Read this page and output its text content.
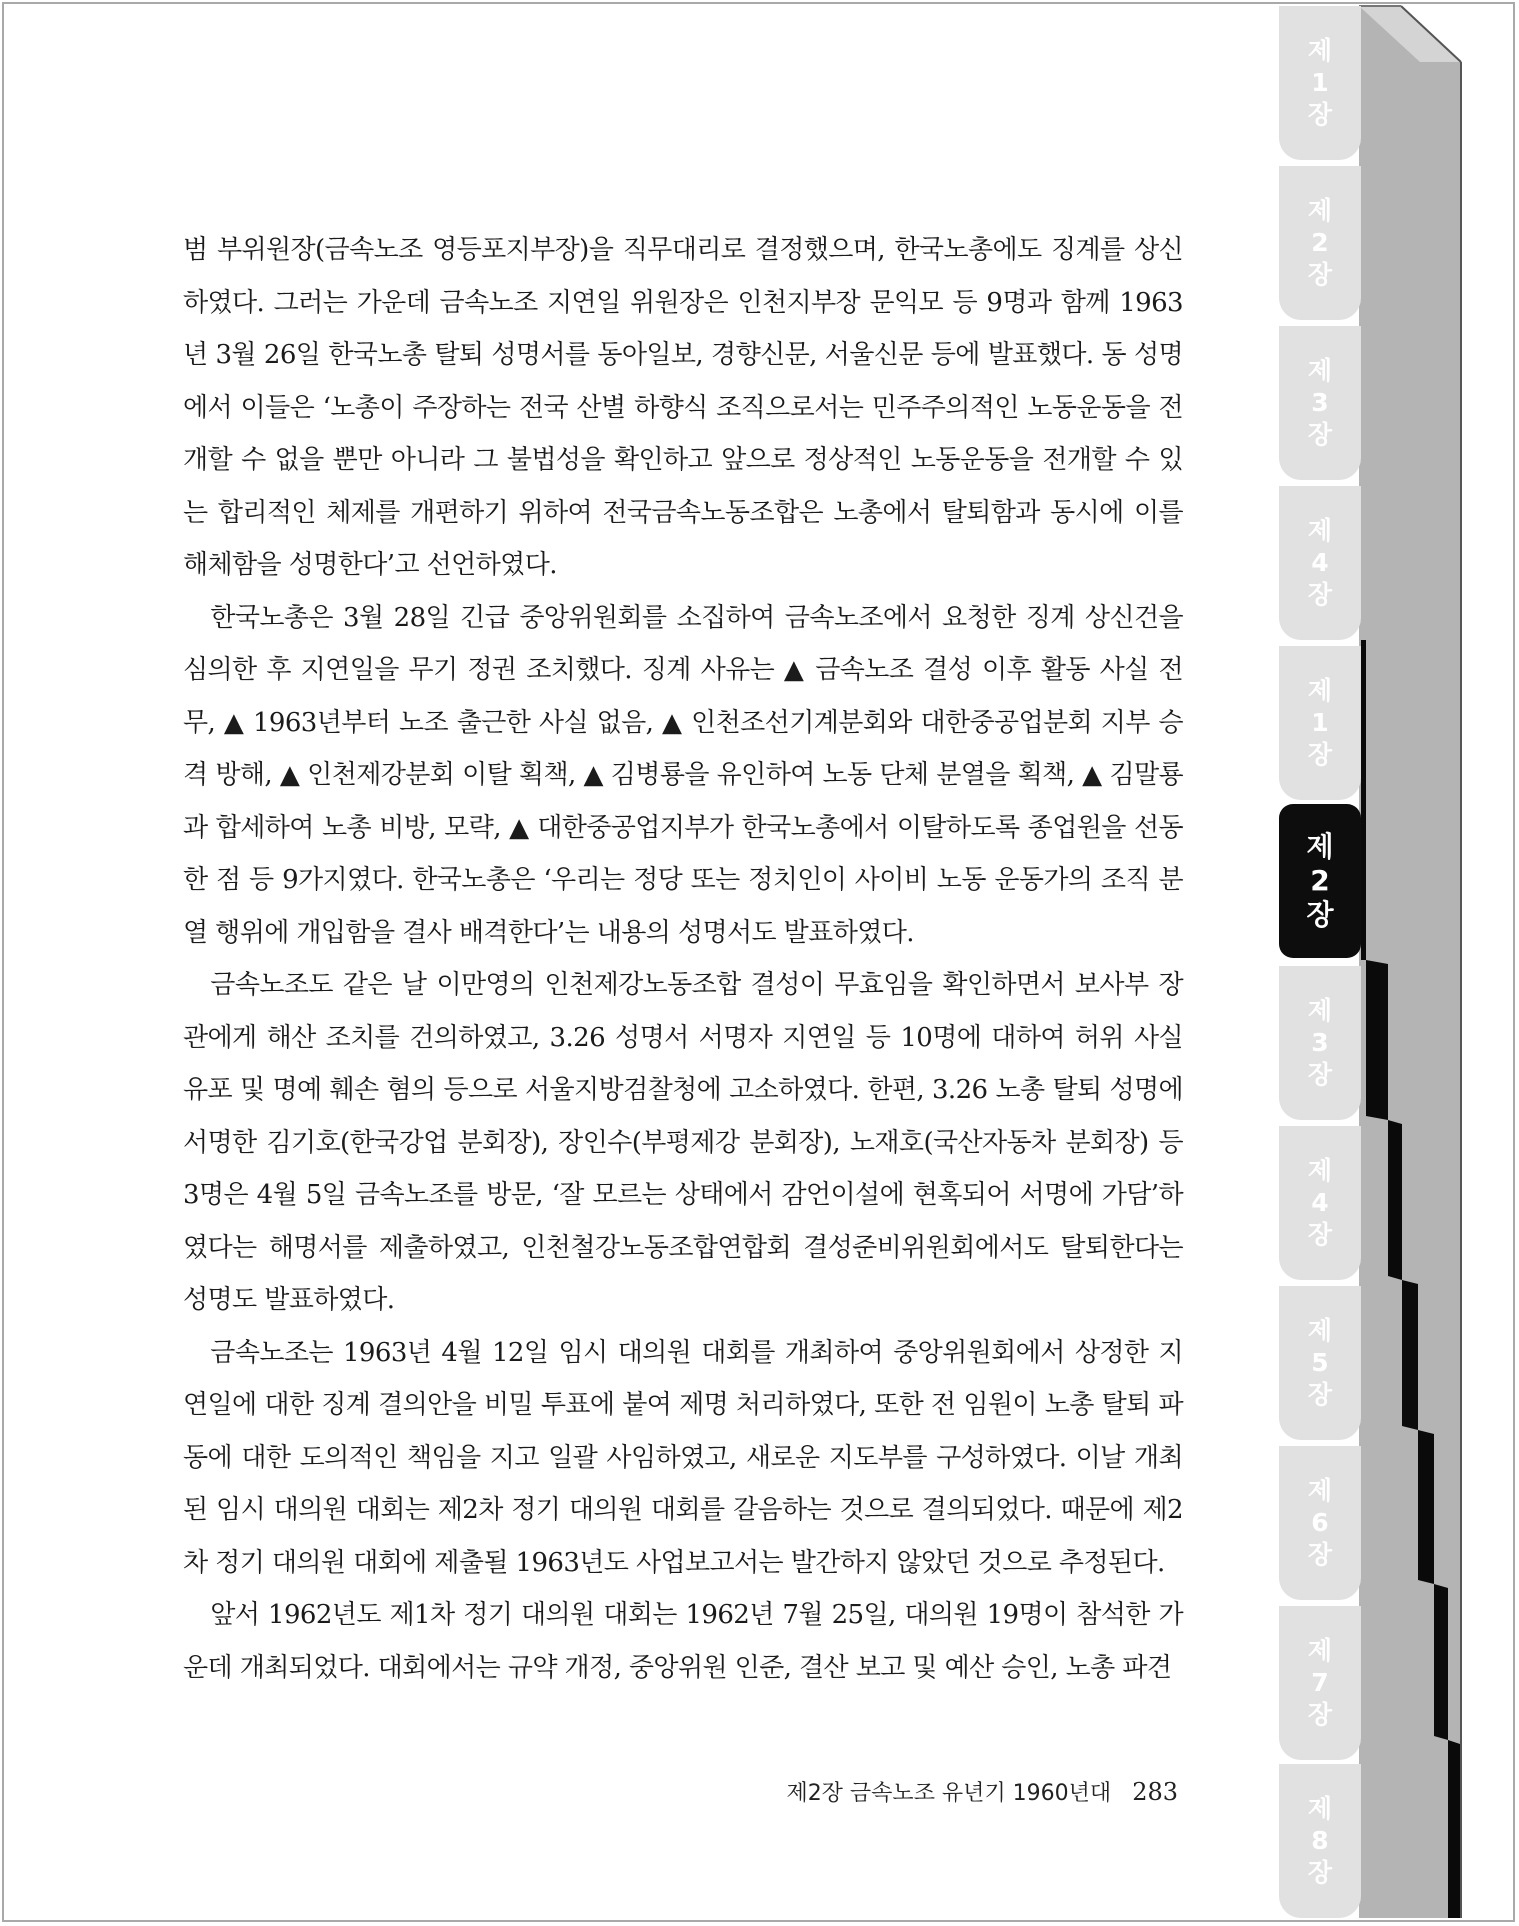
범 부위원장(금속노조 영등포지부장)을 직무대리로 결정했으며, 한국노총에도 징계를 상신하였다. 그러는 가운데 금속노조 지연일 위원장은 인천지부장 문익모 등 9명과 함께 1963년 3월 26일 한국노총 탈퇴 성명서를 동아일보, 경향신문, 서울신문 등에 발표했다. 동 성명에서 이들은 ‘노총이 주장하는 전국 산별 하향식 조직으로서는 민주주의적인 노동운동을 전개할 수 없을 뿐만 아니라 그 불법성을 확인하고 앞으로 정상적인 노동운동을 전개할 수 있는 합리적인 체제를 개편하기 위하여 전국금속노동조합은 노총에서 탈퇴함과 동시에 이를 해체함을 성명한다’고 선언하였다.

한국노총은 3월 28일 긴급 중앙위원회를 소집하여 금속노조에서 요청한 징계 상신건을 심의한 후 지연일을 무기 정권 조치했다. 징계 사유는 ▲ 금속노조 결성 이후 활동 사실 전무, ▲ 1963년부터 노조 출근한 사실 없음, ▲ 인천조선기계분회와 대한중공업분회 지부 승격 방해, ▲ 인천제강분회 이탈 획책, ▲ 김병룡을 유인하여 노동 단체 분열을 획책, ▲ 김말룡과 합세하여 노총 비방, 모략, ▲ 대한중공업지부가 한국노총에서 이탈하도록 종업원을 선동한 점 등 9가지였다. 한국노총은 ‘우리는 정당 또는 정치인이 사이비 노동 운동가의 조직 분열 행위에 개입함을 결사 배격한다’는 내용의 성명서도 발표하였다.

금속노조도 같은 날 이만영의 인천제강노동조합 결성이 무효임을 확인하면서 보사부 장관에게 해산 조치를 건의하였고, 3.26 성명서 서명자 지연일 등 10명에 대하여 허위 사실 유포 및 명예 훼손 혐의 등으로 서울지방검찰청에 고소하였다. 한편, 3.26 노총 탈퇴 성명에 서명한 김기호(한국강업 분회장), 장인수(부평제강 분회장), 노재호(국산자동차 분회장) 등 3명은 4월 5일 금속노조를 방문, ‘잘 모르는 상태에서 감언이설에 현혹되어 서명에 가담’하였다는 해명서를 제출하였고, 인천철강노동조합연합회 결성준비위원회에서도 탈퇴한다는 성명도 발표하였다.

금속노조는 1963년 4월 12일 임시 대의원 대회를 개최하여 중앙위원회에서 상정한 지연일에 대한 징계 결의안을 비밀 투표에 붙여 제명 처리하였다, 또한 전 임원이 노총 탈퇴 파동에 대한 도의적인 책임을 지고 일괄 사임하였고, 새로운 지도부를 구성하였다. 이날 개최된 임시 대의원 대회는 제2차 정기 대의원 대회를 갈음하는 것으로 결의되었다. 때문에 제2차 정기 대의원 대회에 제출될 1963년도 사업보고서는 발간하지 않았던 것으로 추정된다.

앞서 1962년도 제1차 정기 대의원 대회는 1962년 7월 25일, 대의원 19명이 참석한 가운데 개최되었다. 대회에서는 규약 개정, 중앙위원 인준, 결산 보고 및 예산 승인, 노총 파견

제2장 금속노조 유년기 1960년대 283
제
1
장
제
2
장
제
3
장
제
4
장
제
1
장
제
2
장
제
3
장
제
4
장
제
5
장
제
6
장
제
7
장
제
8
장
